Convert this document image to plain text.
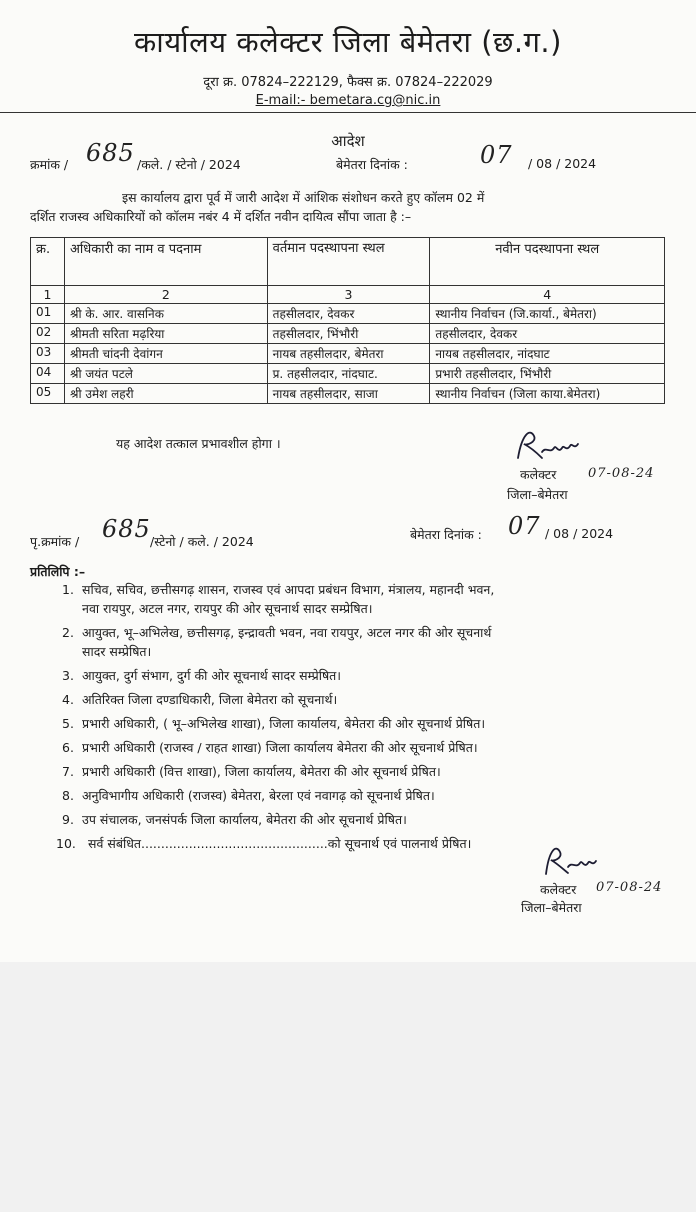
कार्यालय कलेक्टर जिला बेमेतरा (छ.ग.)
दूरा क्र. 07824–222129, फैक्स क्र. 07824–222029
E-mail:- bemetara.cg@nic.in
आदेश
क्रमांक / 685 /कले. / स्टेनो / 2024	बेमेतरा दिनांक :	07 / 08 / 2024
इस कार्यालय द्वारा पूर्व में जारी आदेश में आंशिक संशोधन करते हुए कॉलम 02 में
दर्शित राजस्व अधिकारियों को कॉलम नबंर 4 में दर्शित नवीन दायित्व सौंपा जाता है :–
क्र.	अधिकारी का नाम व पदनाम	वर्तमान पदस्थापना स्थल	नवीन पदस्थापना स्थल
1	2	3	4
01	श्री के. आर. वासनिक	तहसीलदार, देवकर	स्थानीय निर्वाचन (जि.कार्या., बेमेतरा)
02	श्रीमती सरिता मढ़रिया	तहसीलदार, भिंभौरी	तहसीलदार, देवकर
03	श्रीमती चांदनी देवांगन	नायब तहसीलदार, बेमेतरा	नायब तहसीलदार, नांदघाट
04	श्री जयंत पटले	प्र. तहसीलदार, नांदघाट.	प्रभारी तहसीलदार, भिंभौरी
05	श्री उमेश लहरी	नायब तहसीलदार, साजा	स्थानीय निर्वाचन (जिला काया.बेमेतरा)
यह आदेश तत्काल प्रभावशील होगा ।
07-08-24
कलेक्टर
जिला–बेमेतरा
पृ.क्रमांक / 685 /स्टेनो / कले. / 2024	बेमेतरा दिनांक : 07 / 08 / 2024
प्रतिलिपि :–
1. सचिव, सचिव, छत्तीसगढ़ शासन, राजस्व एवं आपदा प्रबंधन विभाग, मंत्रालय, महानदी भवन,
नवा रायपुर, अटल नगर, रायपुर की ओर सूचनार्थ सादर सम्प्रेषित।
2. आयुक्त, भू–अभिलेख, छत्तीसगढ़, इन्द्रावती भवन, नवा रायपुर, अटल नगर की ओर सूचनार्थ
सादर सम्प्रेषित।
3. आयुक्त, दुर्ग संभाग, दुर्ग की ओर सूचनार्थ सादर सम्प्रेषित।
4. अतिरिक्त जिला दण्डाधिकारी, जिला बेमेतरा को सूचनार्थ।
5. प्रभारी अधिकारी, ( भू–अभिलेख शाखा), जिला कार्यालय, बेमेतरा की ओर सूचनार्थ प्रेषित।
6. प्रभारी अधिकारी (राजस्व / राहत शाखा) जिला कार्यालय बेमेतरा की ओर सूचनार्थ प्रेषित।
7. प्रभारी अधिकारी (वित्त शाखा), जिला कार्यालय, बेमेतरा की ओर सूचनार्थ प्रेषित।
8. अनुविभागीय अधिकारी (राजस्व) बेमेतरा, बेरला एवं नवागढ़ को सूचनार्थ प्रेषित।
9. उप संचालक, जनसंपर्क जिला कार्यालय, बेमेतरा की ओर सूचनार्थ प्रेषित।
10. सर्व संबंधित...............................................को सूचनार्थ एवं पालनार्थ प्रेषित।
07-08-24
कलेक्टर
जिला–बेमेतरा
